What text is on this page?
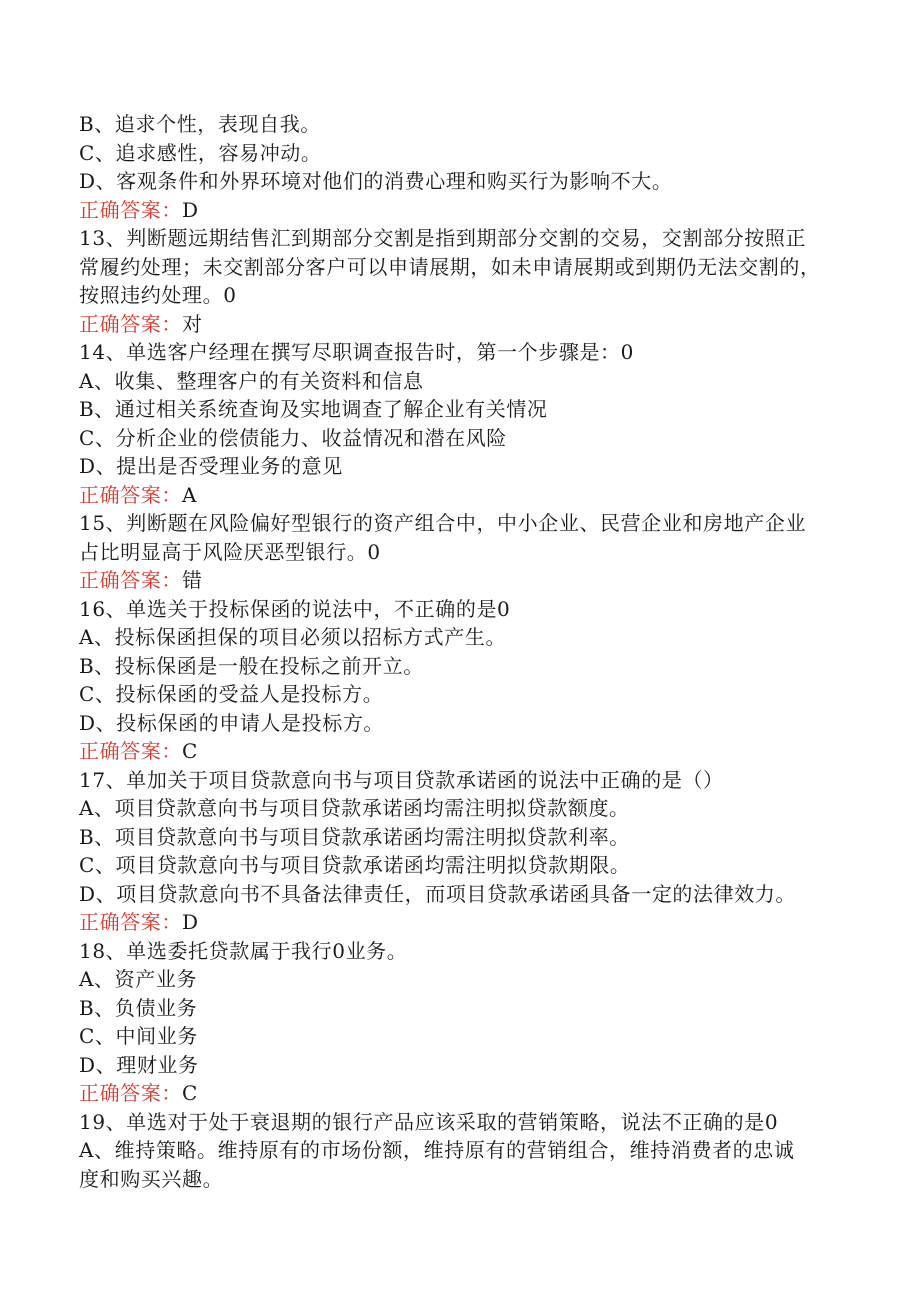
B、追求个性，表现自我。

C、追求感性，容易冲动。

D、客观条件和外界环境对他们的消费心理和购买行为影响不大。

正确答案：D

13、判断题远期结售汇到期部分交割是指到期部分交割的交易，交割部分按照正

常履约处理；未交割部分客户可以申请展期，如未申请展期或到期仍无法交割的，

按照违约处理。0

正确答案：对

14、单选客户经理在撰写尽职调查报告时，第一个步骤是：0

A、收集、整理客户的有关资料和信息

B、通过相关系统查询及实地调查了解企业有关情况

C、分析企业的偿债能力、收益情况和潜在风险

D、提出是否受理业务的意见

正确答案：A

15、判断题在风险偏好型银行的资产组合中，中小企业、民营企业和房地产企业

占比明显高于风险厌恶型银行。0

正确答案：错

16、单选关于投标保函的说法中，不正确的是0

A、投标保函担保的项目必须以招标方式产生。

B、投标保函是一般在投标之前开立。

C、投标保函的受益人是投标方。

D、投标保函的申请人是投标方。

正确答案：C

17、单加关于项目贷款意向书与项目贷款承诺函的说法中正确的是（）

A、项目贷款意向书与项目贷款承诺函均需注明拟贷款额度。

B、项目贷款意向书与项目贷款承诺函均需注明拟贷款利率。

C、项目贷款意向书与项目贷款承诺函均需注明拟贷款期限。

D、项目贷款意向书不具备法律责任，而项目贷款承诺函具备一定的法律效力。

正确答案：D

18、单选委托贷款属于我行0业务。

A、资产业务

B、负债业务

C、中间业务

D、理财业务

正确答案：C

19、单选对于处于衰退期的银行产品应该采取的营销策略，说法不正确的是0

A、维持策略。维持原有的市场份额，维持原有的营销组合，维持消费者的忠诚

度和购买兴趣。
